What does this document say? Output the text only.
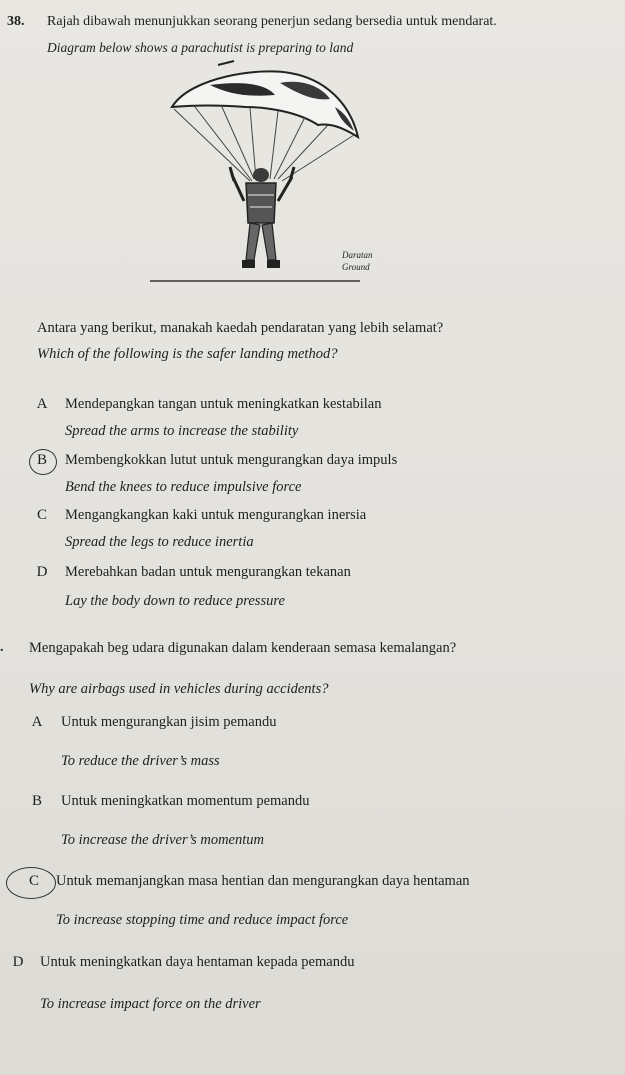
38. Rajah dibawah menunjukkan seorang penerjun sedang bersedia untuk mendarat.
Diagram below shows a parachutist is preparing to land
Daratan
Ground
Antara yang berikut, manakah kaedah pendaratan yang lebih selamat?
Which of the following is the safer landing method?
A	Mendepangkan tangan untuk meningkatkan kestabilan
Spread the arms to increase the stability
B	Membengkokkan lutut untuk mengurangkan daya impuls
Bend the knees to reduce impulsive force
C	Mengangkangkan kaki untuk mengurangkan inersia
Spread the legs to reduce inertia
D	Merebahkan badan untuk mengurangkan tekanan
Lay the body down to reduce pressure
. Mengapakah beg udara digunakan dalam kenderaan semasa kemalangan?
Why are airbags used in vehicles during accidents?
A	Untuk mengurangkan jisim pemandu
To reduce the driver’s mass
B	Untuk meningkatkan momentum pemandu
To increase the driver’s momentum
C	Untuk memanjangkan masa hentian dan mengurangkan daya hentaman
To increase stopping time and reduce impact force
D	Untuk meningkatkan daya hentaman kepada pemandu
To increase impact force on the driver
